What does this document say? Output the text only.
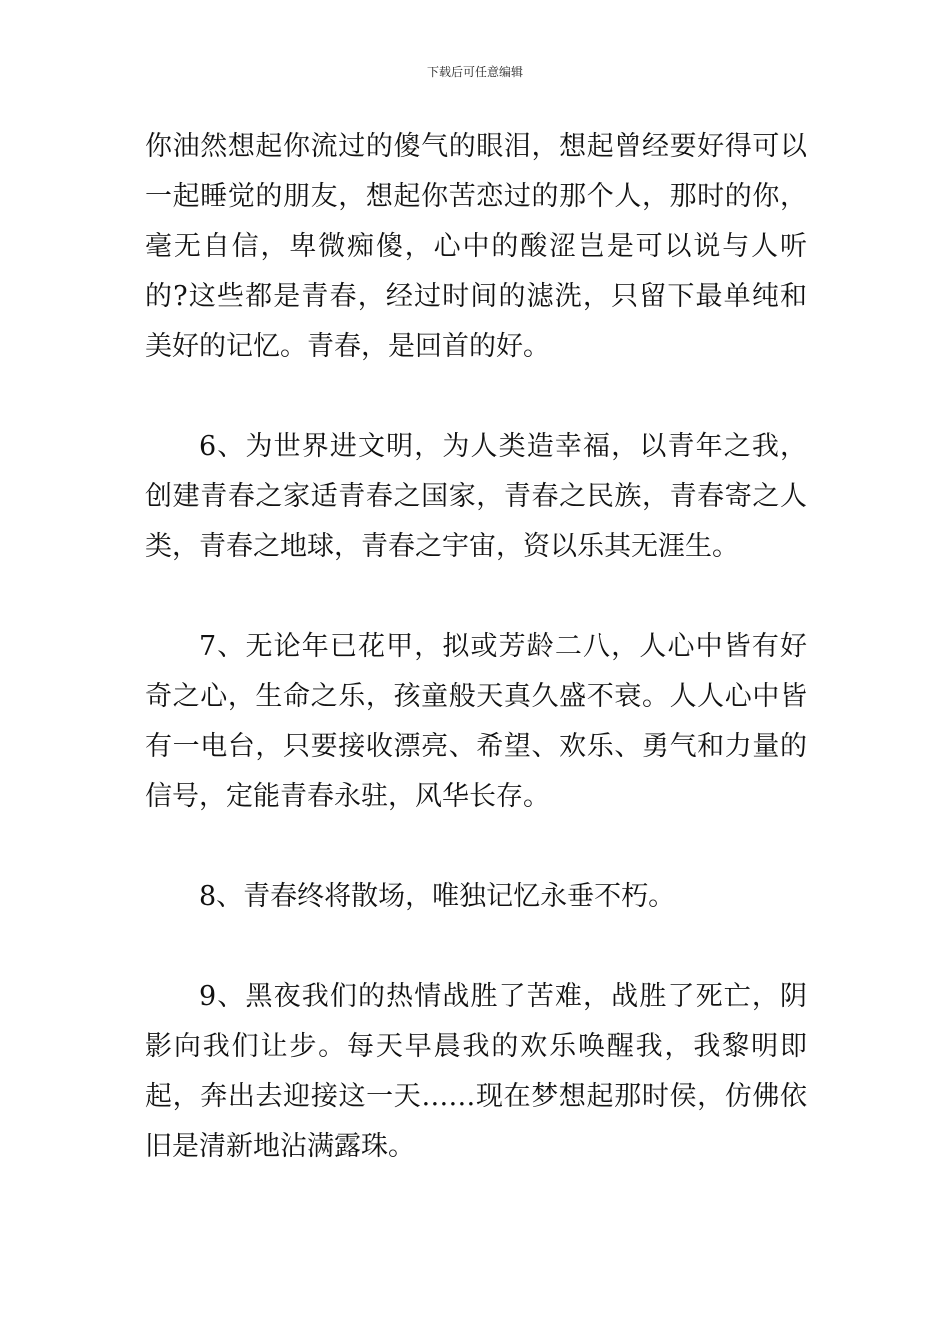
下载后可任意编辑

你油然想起你流过的傻气的眼泪，想起曾经要好得可以一起睡觉的朋友，想起你苦恋过的那个人，那时的你，毫无自信，卑微痴傻，心中的酸涩岂是可以说与人听的?这些都是青春，经过时间的滤洗，只留下最单纯和美好的记忆。青春，是回首的好。

6、为世界进文明，为人类造幸福，以青年之我，创建青春之家适青春之国家，青春之民族，青春寄之人类，青春之地球，青春之宇宙，资以乐其无涯生。

7、无论年已花甲，拟或芳龄二八，人心中皆有好奇之心，生命之乐，孩童般天真久盛不衰。人人心中皆有一电台，只要接收漂亮、希望、欢乐、勇气和力量的信号，定能青春永驻，风华长存。

8、青春终将散场，唯独记忆永垂不朽。

9、黑夜我们的热情战胜了苦难，战胜了死亡，阴影向我们让步。每天早晨我的欢乐唤醒我，我黎明即起，奔出去迎接这一天……现在梦想起那时侯，仿佛依旧是清新地沾满露珠。
